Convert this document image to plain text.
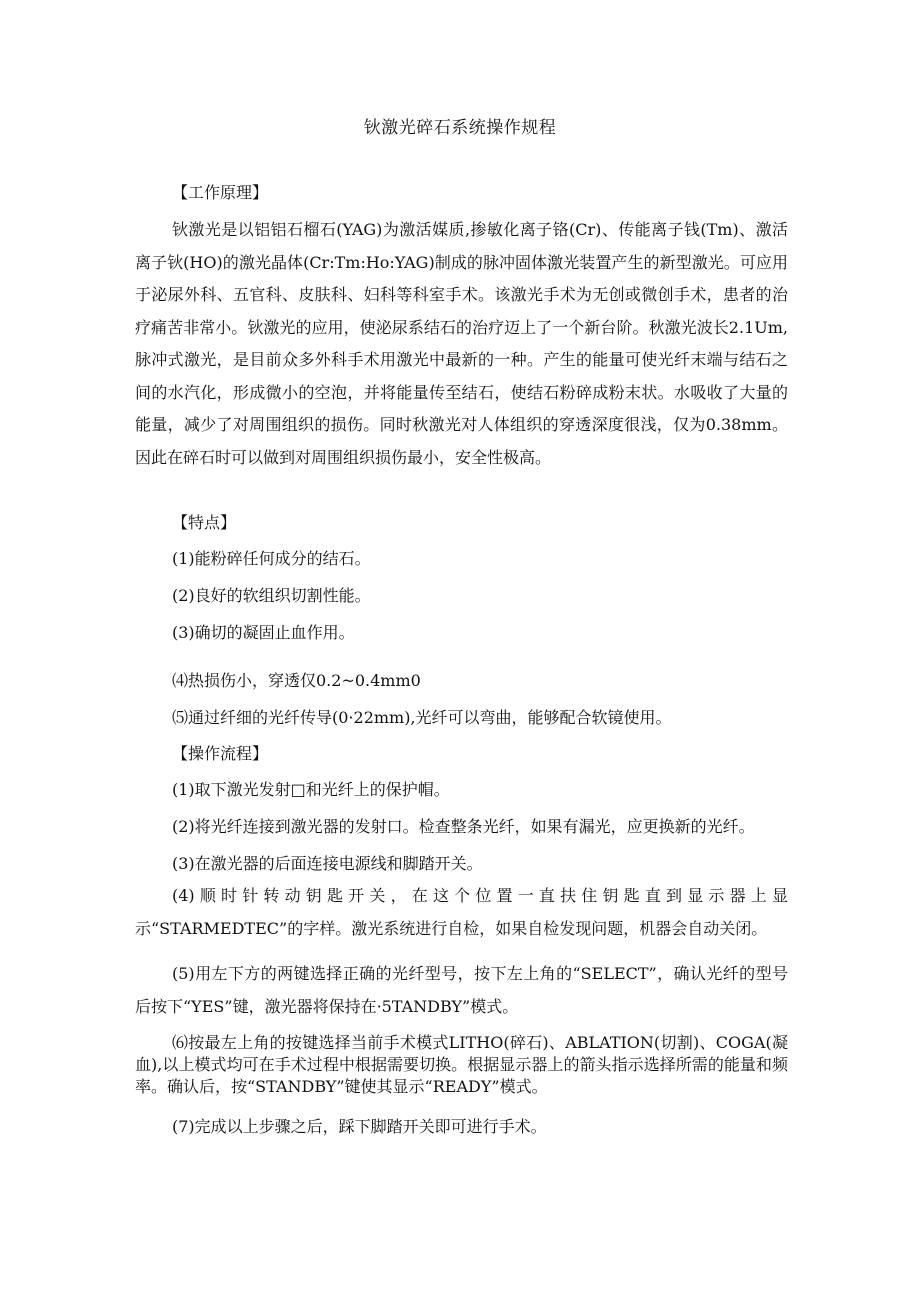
钬激光碎石系统操作规程
【工作原理】
钬激光是以铝铝石榴石(YAG)为激活媒质,掺敏化离子铬(Cr)、传能离子钱(Tm)、激活离子钬(HO)的激光晶体(Cr:Tm:Ho:YAG)制成的脉冲固体激光装置产生的新型激光。可应用于泌尿外科、五官科、皮肤科、妇科等科室手术。该激光手术为无创或微创手术，患者的治疗痛苦非常小。钬激光的应用，使泌尿系结石的治疗迈上了一个新台阶。秋激光波长2.1Um,脉冲式激光，是目前众多外科手术用激光中最新的一种。产生的能量可使光纤末端与结石之间的水汽化，形成微小的空泡，并将能量传至结石，使结石粉碎成粉末状。水吸收了大量的能量，减少了对周围组织的损伤。同时秋激光对人体组织的穿透深度很浅，仅为0.38mm。因此在碎石时可以做到对周围组织损伤最小，安全性极高。
【特点】
(1)能粉碎任何成分的结石。
(2)良好的软组织切割性能。
(3)确切的凝固止血作用。
⑷热损伤小，穿透仅0.2~0.4mm0
⑸通过纤细的光纤传导(0·22mm),光纤可以弯曲，能够配合软镜使用。
【操作流程】
(1)取下激光发射□和光纤上的保护帽。
(2)将光纤连接到激光器的发射口。检查整条光纤，如果有漏光，应更换新的光纤。
(3)在激光器的后面连接电源线和脚踏开关。
(4)顺时针转动钥匙开关，在这个位置一直扶住钥匙直到显示器上显示“STARMEDTEC”的字样。激光系统进行自检，如果自检发现问题，机器会自动关闭。
(5)用左下方的两键选择正确的光纤型号，按下左上角的“SELECT”，确认光纤的型号后按下“YES”键，激光器将保持在·5TANDBY”模式。
⑹按最左上角的按键选择当前手术模式LITHO(碎石)、ABLATION(切割)、COGA(凝血),以上模式均可在手术过程中根据需要切换。根据显示器上的箭头指示选择所需的能量和频率。确认后，按“STANDBY”键使其显示“READY”模式。
(7)完成以上步骤之后，踩下脚踏开关即可进行手术。
